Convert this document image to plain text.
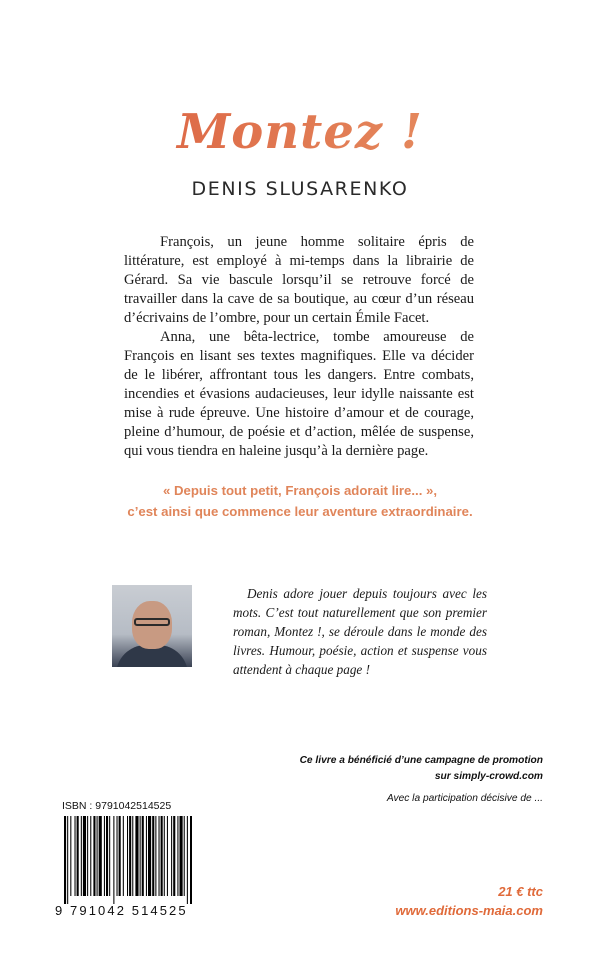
Montez !
DENIS SLUSARENKO

François, un jeune homme solitaire épris de littérature, est employé à mi-temps dans la librairie de Gérard. Sa vie bascule lorsqu’il se retrouve forcé de travailler dans la cave de sa boutique, au cœur d’un réseau d’écrivains de l’ombre, pour un certain Émile Facet.

Anna, une bêta-lectrice, tombe amoureuse de François en lisant ses textes magnifiques. Elle va décider de le libérer, affrontant tous les dangers. Entre combats, incendies et évasions audacieuses, leur idylle naissante est mise à rude épreuve. Une histoire d’amour et de courage, pleine d’humour, de poésie et d’action, mêlée de suspense, qui vous tiendra en haleine jusqu’à la dernière page.

« Depuis tout petit, François adorait lire... »,
c’est ainsi que commence leur aventure extraordinaire.

Denis adore jouer depuis toujours avec les mots. C’est tout naturellement que son premier roman, Montez !, se déroule dans le monde des livres. Humour, poésie, action et suspense vous attendent à chaque page !

Ce livre a bénéficié d’une campagne de promotion
sur simply-crowd.com
Avec la participation décisive de ...
ISBN : 9791042514525
9 791042 514525
21 € ttc
www.editions-maia.com
